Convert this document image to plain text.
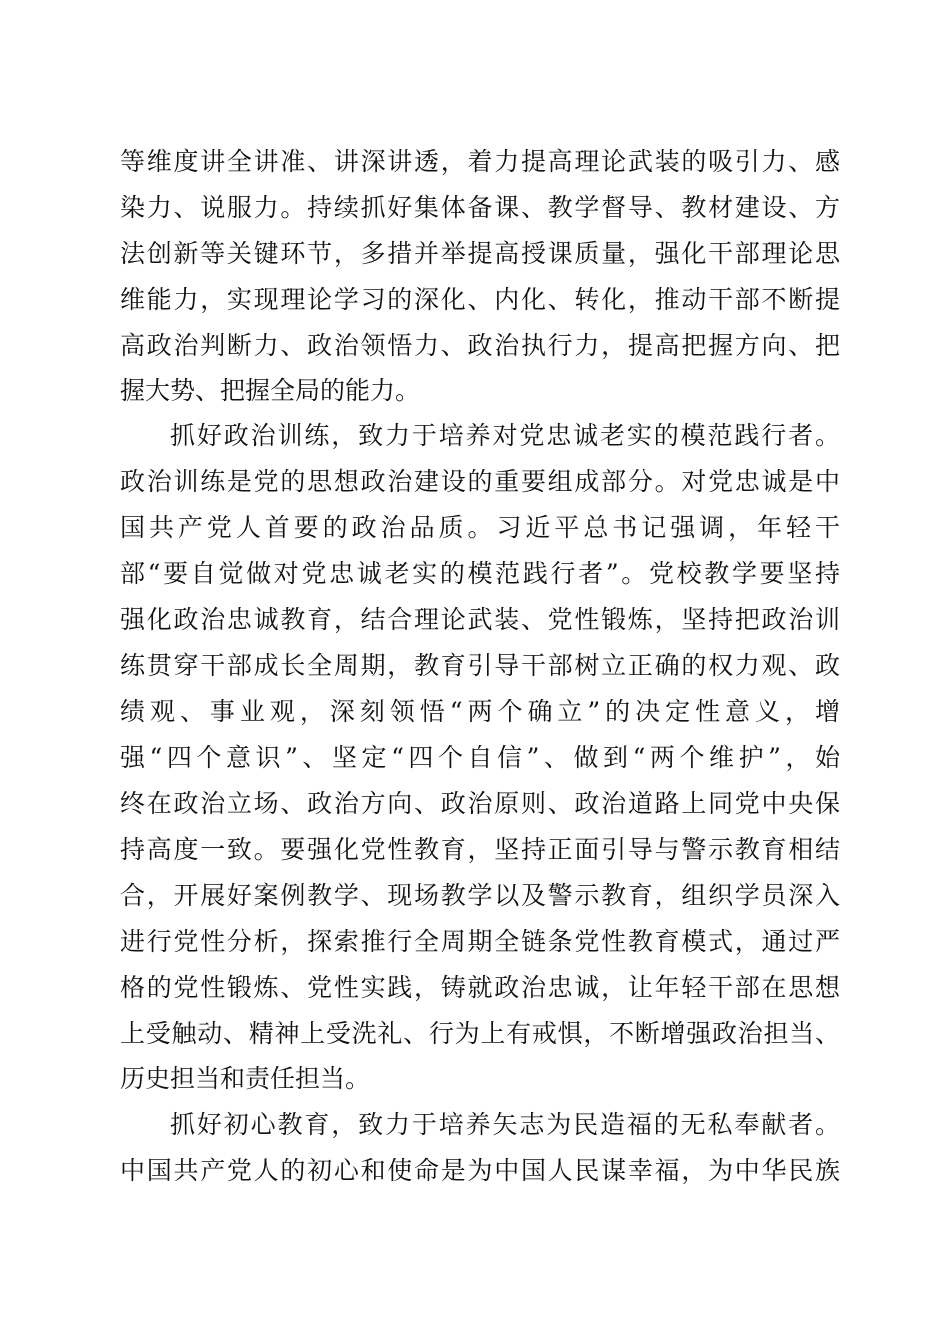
等维度讲全讲准、讲深讲透，着力提高理论武装的吸引力、感
染力、说服力。持续抓好集体备课、教学督导、教材建设、方
法创新等关键环节，多措并举提高授课质量，强化干部理论思
维能力，实现理论学习的深化、内化、转化，推动干部不断提
高政治判断力、政治领悟力、政治执行力，提高把握方向、把
握大势、把握全局的能力。
抓好政治训练，致力于培养对党忠诚老实的模范践行者。
政治训练是党的思想政治建设的重要组成部分。对党忠诚是中
国共产党人首要的政治品质。习近平总书记强调，年轻干
部“要自觉做对党忠诚老实的模范践行者”。党校教学要坚持
强化政治忠诚教育，结合理论武装、党性锻炼，坚持把政治训
练贯穿干部成长全周期，教育引导干部树立正确的权力观、政
绩观、事业观，深刻领悟“两个确立”的决定性意义，增
强“四个意识”、坚定“四个自信”、做到“两个维护”，始
终在政治立场、政治方向、政治原则、政治道路上同党中央保
持高度一致。要强化党性教育，坚持正面引导与警示教育相结
合，开展好案例教学、现场教学以及警示教育，组织学员深入
进行党性分析，探索推行全周期全链条党性教育模式，通过严
格的党性锻炼、党性实践，铸就政治忠诚，让年轻干部在思想
上受触动、精神上受洗礼、行为上有戒惧，不断增强政治担当、
历史担当和责任担当。
抓好初心教育，致力于培养矢志为民造福的无私奉献者。
中国共产党人的初心和使命是为中国人民谋幸福，为中华民族
